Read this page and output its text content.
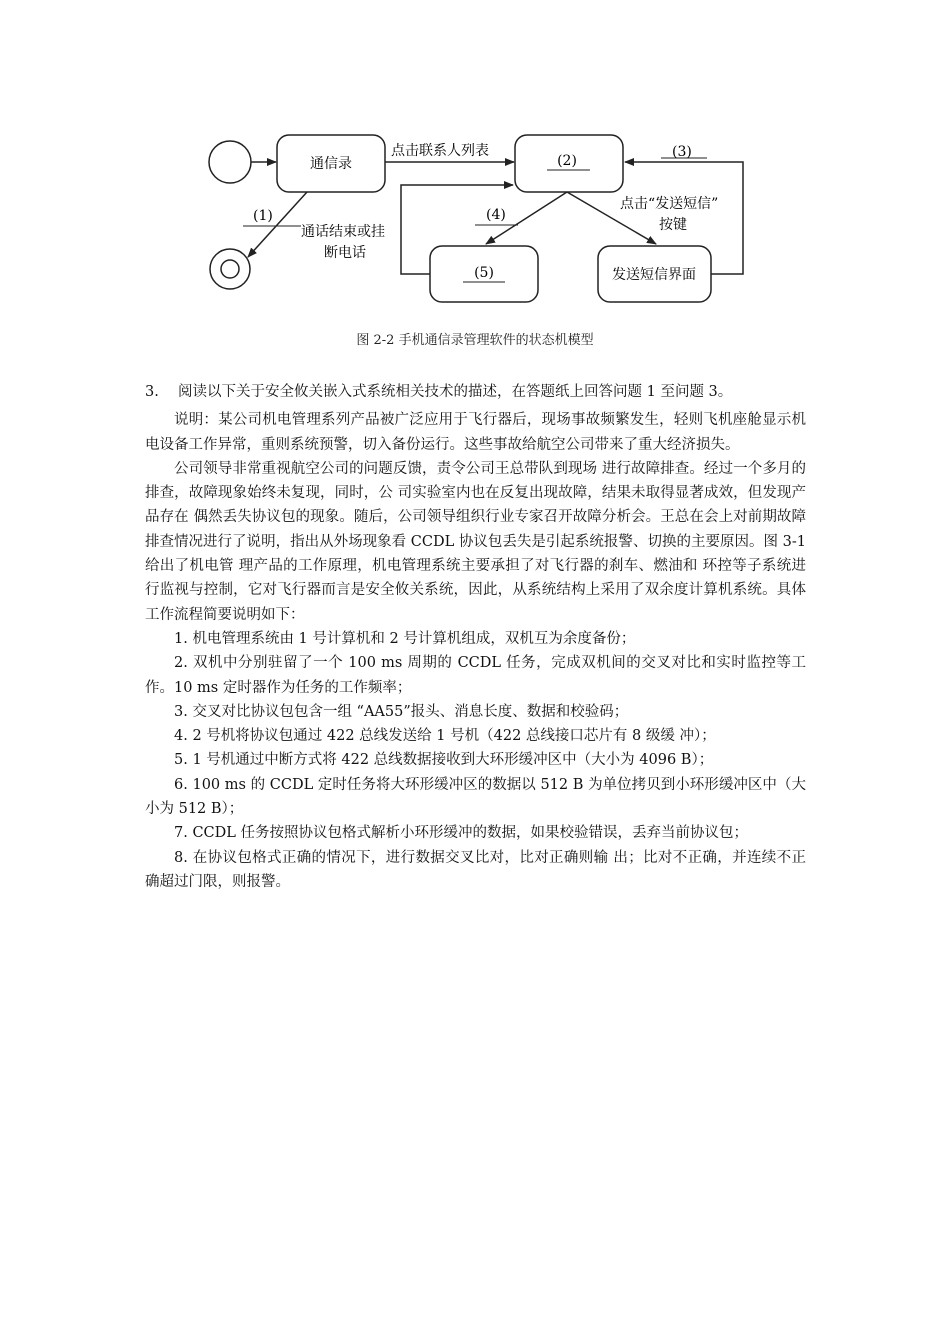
通信录	(2)
(5)	发送短信界面
点击联系人列表
(1)
通话结束或挂
断电话
(3)
(4)
点击“发送短信”
按键
图 2-2 手机通信录管理软件的状态机模型
3.	阅读以下关于安全攸关嵌入式系统相关技术的描述，在答题纸上回答问题 1 至问题 3。

说明：某公司机电管理系列产品被广泛应用于飞行器后，现场事故频繁发生，轻则飞机座舱显示机电设备工作异常，重则系统预警，切入备份运行。这些事故给航空公司带来了重大经济损失。

公司领导非常重视航空公司的问题反馈，责令公司王总带队到现场 进行故障排查。经过一个多月的排查，故障现象始终未复现，同时，公 司实验室内也在反复出现故障，结果未取得显著成效，但发现产品存在 偶然丢失协议包的现象。随后，公司领导组织行业专家召开故障分析会。王总在会上对前期故障排查情况进行了说明，指出从外场现象看 CCDL 协议包丢失是引起系统报警、切换的主要原因。图 3-1 给出了机电管 理产品的工作原理，机电管理系统主要承担了对飞行器的刹车、燃油和 环控等子系统进行监视与控制，它对飞行器而言是安全攸关系统，因此，从系统结构上采用了双余度计算机系统。具体工作流程简要说明如下：

1. 机电管理系统由 1 号计算机和 2 号计算机组成，双机互为余度备份；

2. 双机中分别驻留了一个 100 ms 周期的 CCDL 任务，完成双机间的交叉对比和实时监控等工作。10 ms 定时器作为任务的工作频率；

3. 交叉对比协议包包含一组 “AA55”报头、消息长度、数据和校验码；

4. 2 号机将协议包通过 422 总线发送给 1 号机（422 总线接口芯片有 8 级缓 冲）；

5. 1 号机通过中断方式将 422 总线数据接收到大环形缓冲区中（大小为 4096 B）；

6. 100 ms 的 CCDL 定时任务将大环形缓冲区的数据以 512 B 为单位拷贝到小环形缓冲区中（大小为 512 B）；

7. CCDL 任务按照协议包格式解析小环形缓冲的数据，如果校验错误，丢弃当前协议包；

8. 在协议包格式正确的情况下，进行数据交叉比对，比对正确则输 出；比对不正确，并连续不正确超过门限，则报警。
